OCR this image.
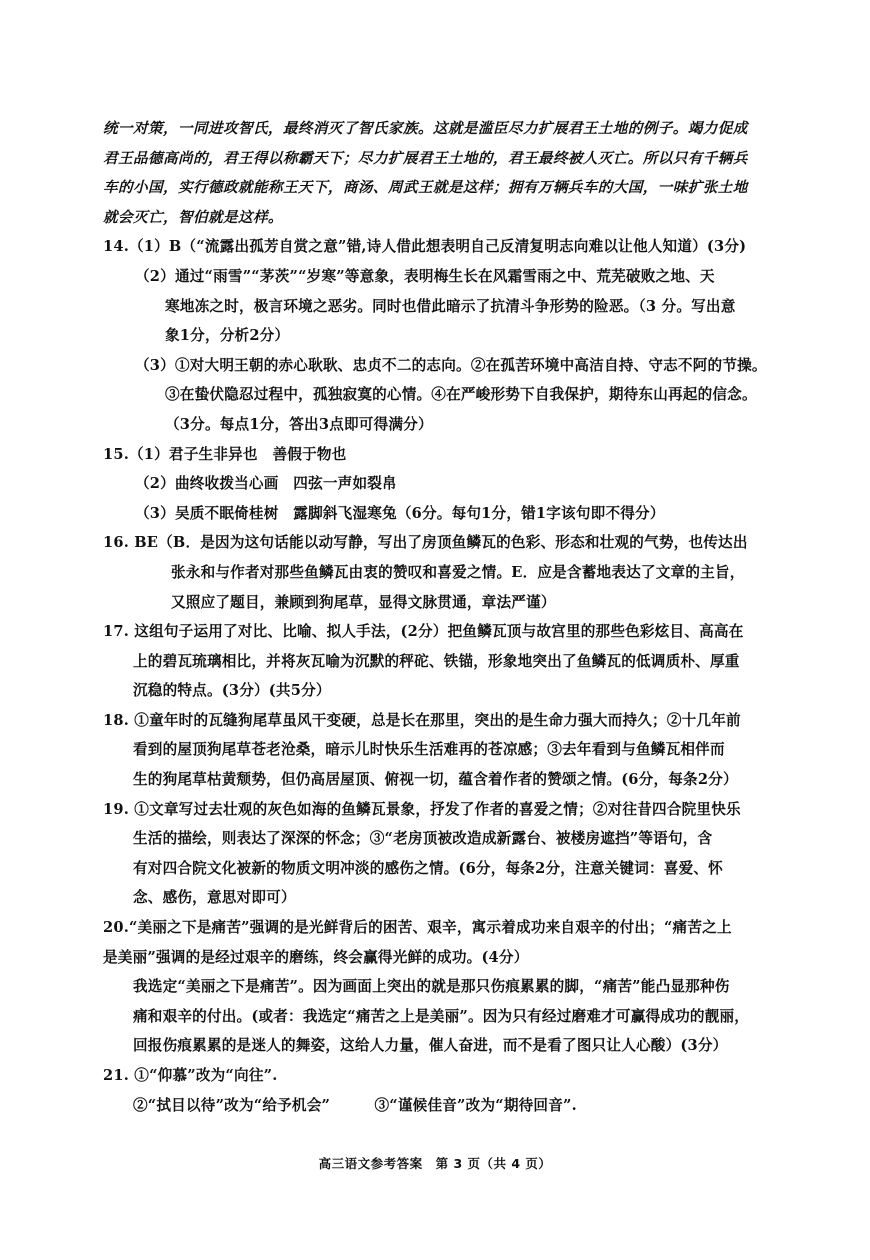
统一对策，一同进攻智氏，最终消灭了智氏家族。这就是滥臣尽力扩展君王土地的例子。竭力促成
君王品德高尚的，君王得以称霸天下；尽力扩展君王土地的，君王最终被人灭亡。所以只有千辆兵
车的小国，实行德政就能称王天下，商汤、周武王就是这样；拥有万辆兵车的大国，一味扩张土地
就会灭亡，智伯就是这样。
14.（1）B（“流露出孤芳自赏之意”错,诗人借此想表明自己反清复明志向难以让他人知道）(3分)
（2）通过“雨雪”“茅茨”“岁寒”等意象，表明梅生长在风霜雪雨之中、荒芜破败之地、天
寒地冻之时，极言环境之恶劣。同时也借此暗示了抗清斗争形势的险恶。（3 分。写出意
象1分，分析2分）
（3）①对大明王朝的赤心耿耿、忠贞不二的志向。②在孤苦环境中高洁自持、守志不阿的节操。
③在蛰伏隐忍过程中，孤独寂寞的心情。④在严峻形势下自我保护，期待东山再起的信念。
（3分。每点1分，答出3点即可得满分）
15.（1）君子生非异也　善假于物也
（2）曲终收拨当心画　四弦一声如裂帛
（3）吴质不眠倚桂树　露脚斜飞湿寒兔（6分。每句1分，错1字该句即不得分）
16. BE（B．是因为这句话能以动写静，写出了房顶鱼鳞瓦的色彩、形态和壮观的气势，也传达出
张永和与作者对那些鱼鳞瓦由衷的赞叹和喜爱之情。E．应是含蓄地表达了文章的主旨，
又照应了题目，兼顾到狗尾草，显得文脉贯通，章法严谨）
17. 这组句子运用了对比、比喻、拟人手法，(2分）把鱼鳞瓦顶与故宫里的那些色彩炫目、高高在
上的碧瓦琉璃相比，并将灰瓦喻为沉默的秤砣、铁锚，形象地突出了鱼鳞瓦的低调质朴、厚重
沉稳的特点。(3分）(共5分）
18. ①童年时的瓦缝狗尾草虽风干变硬，总是长在那里，突出的是生命力强大而持久；②十几年前
看到的屋顶狗尾草苍老沧桑，暗示儿时快乐生活难再的苍凉感；③去年看到与鱼鳞瓦相伴而
生的狗尾草枯黄颓势，但仍高居屋顶、俯视一切，蕴含着作者的赞颂之情。(6分，每条2分）
19. ①文章写过去壮观的灰色如海的鱼鳞瓦景象，抒发了作者的喜爱之情；②对往昔四合院里快乐
生活的描绘，则表达了深深的怀念；③“老房顶被改造成新露台、被楼房遮挡”等语句，含
有对四合院文化被新的物质文明冲淡的感伤之情。(6分，每条2分，注意关键词：喜爱、怀
念、感伤，意思对即可）
20.“美丽之下是痛苦”强调的是光鲜背后的困苦、艰辛，寓示着成功来自艰辛的付出；“痛苦之上
是美丽”强调的是经过艰辛的磨练，终会赢得光鲜的成功。(4分）
我选定“美丽之下是痛苦”。因为画面上突出的就是那只伤痕累累的脚，“痛苦”能凸显那种伤
痛和艰辛的付出。(或者：我选定“痛苦之上是美丽”。因为只有经过磨难才可赢得成功的靓丽，
回报伤痕累累的是迷人的舞姿，这给人力量，催人奋进，而不是看了图只让人心酸）(3分）
21. ①“仰慕”改为“向往”.
②“拭目以待”改为“给予机会”　　　③“谨候佳音”改为“期待回音”.
高三语文参考答案　第 3 页（共 4 页）
